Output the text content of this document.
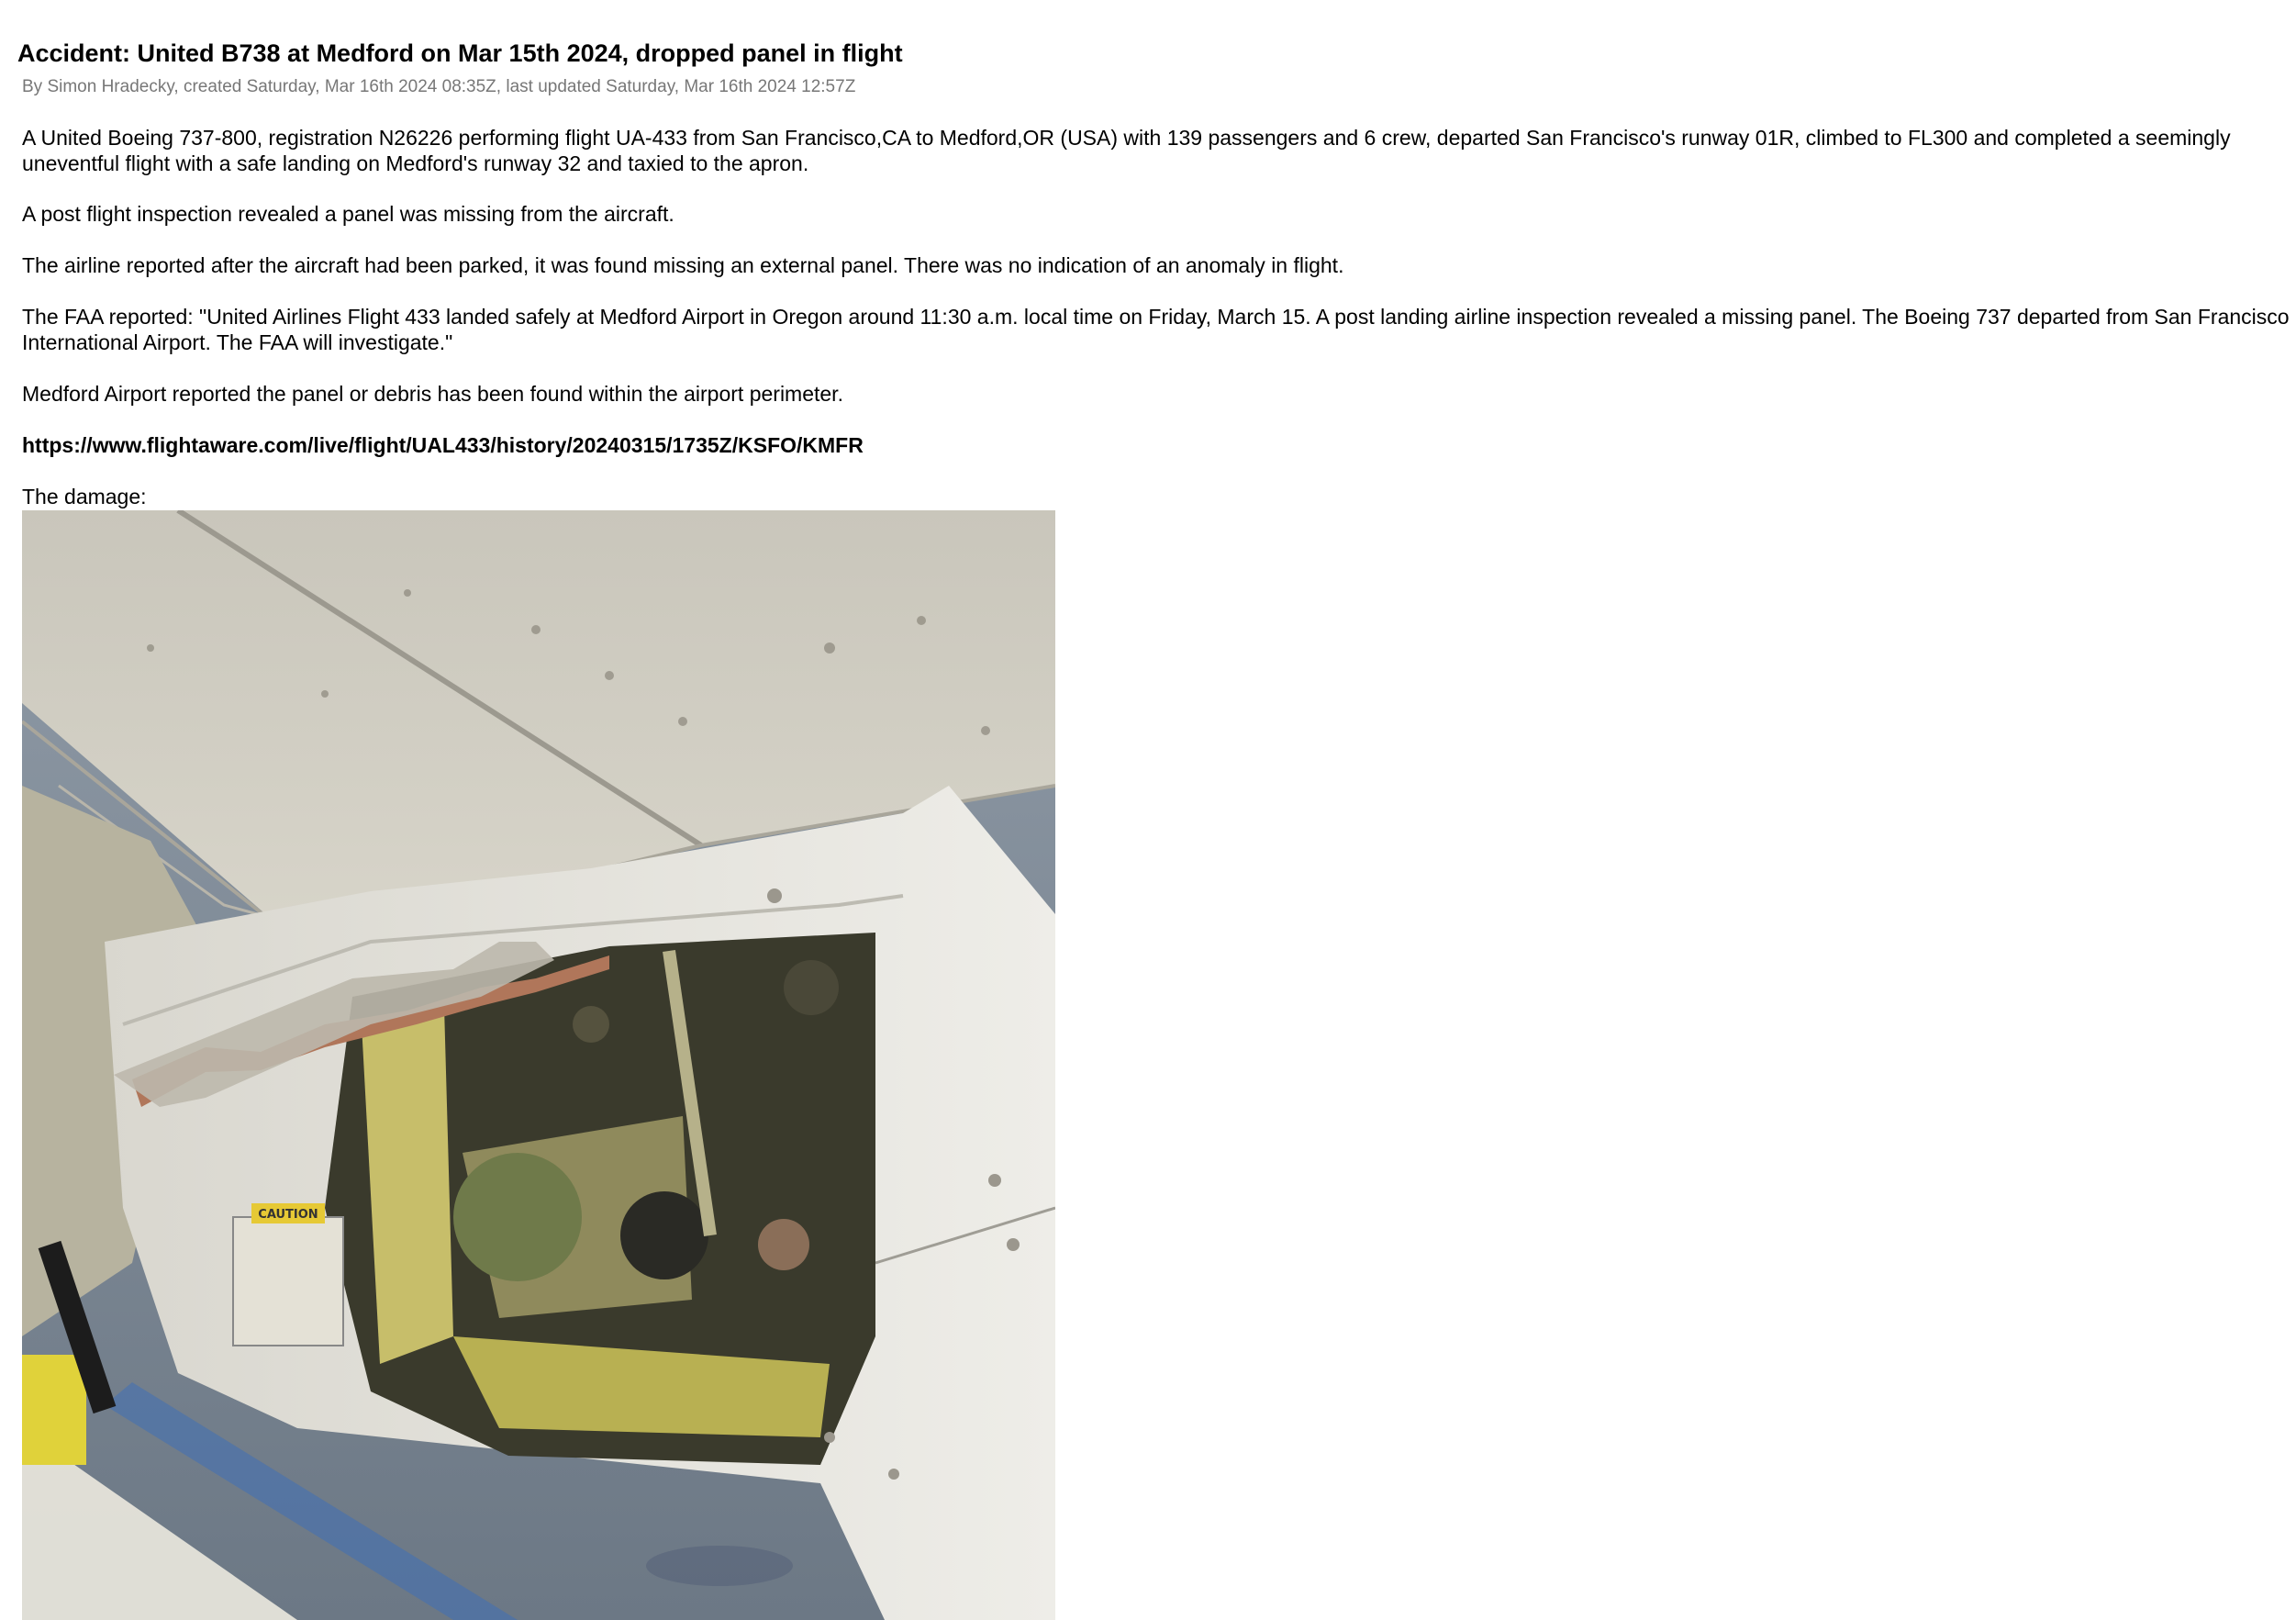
Accident: United B738 at Medford on Mar 15th 2024, dropped panel in flight
By Simon Hradecky, created Saturday, Mar 16th 2024 08:35Z, last updated Saturday, Mar 16th 2024 12:57Z
A United Boeing 737-800, registration N26226 performing flight UA-433 from San Francisco,CA to Medford,OR (USA) with 139 passengers and 6 crew, departed San Francisco's runway 01R, climbed to FL300 and completed a seemingly uneventful flight with a safe landing on Medford's runway 32 and taxied to the apron.
A post flight inspection revealed a panel was missing from the aircraft.
The airline reported after the aircraft had been parked, it was found missing an external panel. There was no indication of an anomaly in flight.
The FAA reported: "United Airlines Flight 433 landed safely at Medford Airport in Oregon around 11:30 a.m. local time on Friday, March 15. A post landing airline inspection revealed a missing panel. The Boeing 737 departed from San Francisco International Airport. The FAA will investigate."
Medford Airport reported the panel or debris has been found within the airport perimeter.
https://www.flightaware.com/live/flight/UAL433/history/20240315/1735Z/KSFO/KMFR
The damage:
CAUTION
